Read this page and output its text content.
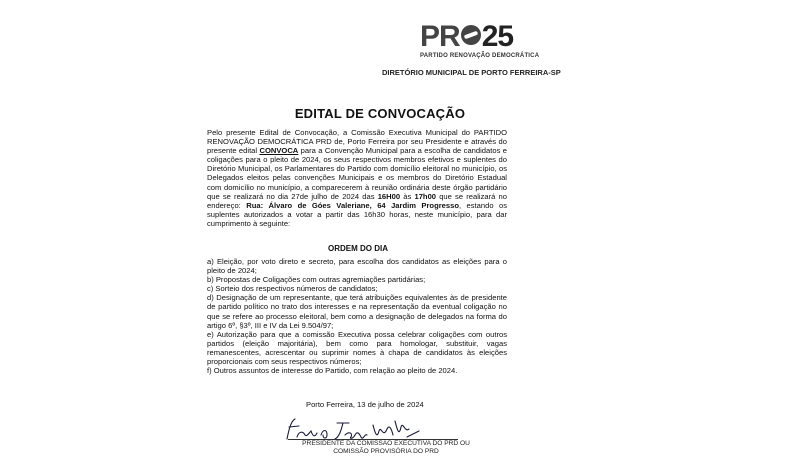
PR 25
PARTIDO RENOVAÇÃO DEMOCRÁTICA
DIRETÓRIO MUNICIPAL DE PORTO FERREIRA-SP
EDITAL DE CONVOCAÇÃO
Pelo presente Edital de Convocação, a Comissão Executiva Municipal do PARTIDO RENOVAÇÃO DEMOCRÁTICA PRD de, Porto Ferreira por seu Presidente e através do presente edital CONVOCA para a Convenção Municipal para a escolha de candidatos e coligações para o pleito de 2024, os seus respectivos membros efetivos e suplentes do Diretório Municipal, os Parlamentares do Partido com domicílio eleitoral no município, os Delegados eleitos pelas convenções Municipais e os membros do Diretório Estadual com domicílio no município, a comparecerem à reunião ordinária deste órgão partidário que se realizará no dia 27de julho de 2024 das 16H00 às 17h00 que se realizará no endereço: Rua: Álvaro de Góes Valeriane, 64 Jardim Progresso, estando os suplentes autorizados a votar a partir das 16h30 horas, neste município, para dar cumprimento à seguinte:
ORDEM DO DIA

a) Eleição, por voto direto e secreto, para escolha dos candidatos as eleições para o pleito de 2024;

b) Propostas de Coligações com outras agremiações partidárias;

c) Sorteio dos respectivos números de candidatos;

d) Designação de um representante, que terá atribuições equivalentes às de presidente de partido político no trato dos interesses e na representação da eventual coligação no que se refere ao processo eleitoral, bem como a designação de delegados na forma do artigo 6º, §3º, III e IV da Lei 9.504/97;

e) Autorização para que a comissão Executiva possa celebrar coligações com outros partidos (eleição majoritária), bem como para homologar, substituir, vagas remanescentes, acrescentar ou suprimir nomes à chapa de candidatos às eleições proporcionais com seus respectivos números;

f) Outros assuntos de interesse do Partido, com relação ao pleito de 2024.

Porto Ferreira, 13 de julho de 2024
PRESIDENTE DA COMISSÃO EXECUTIVA DO PRD OU
COMISSÃO PROVISÓRIA DO PRD
